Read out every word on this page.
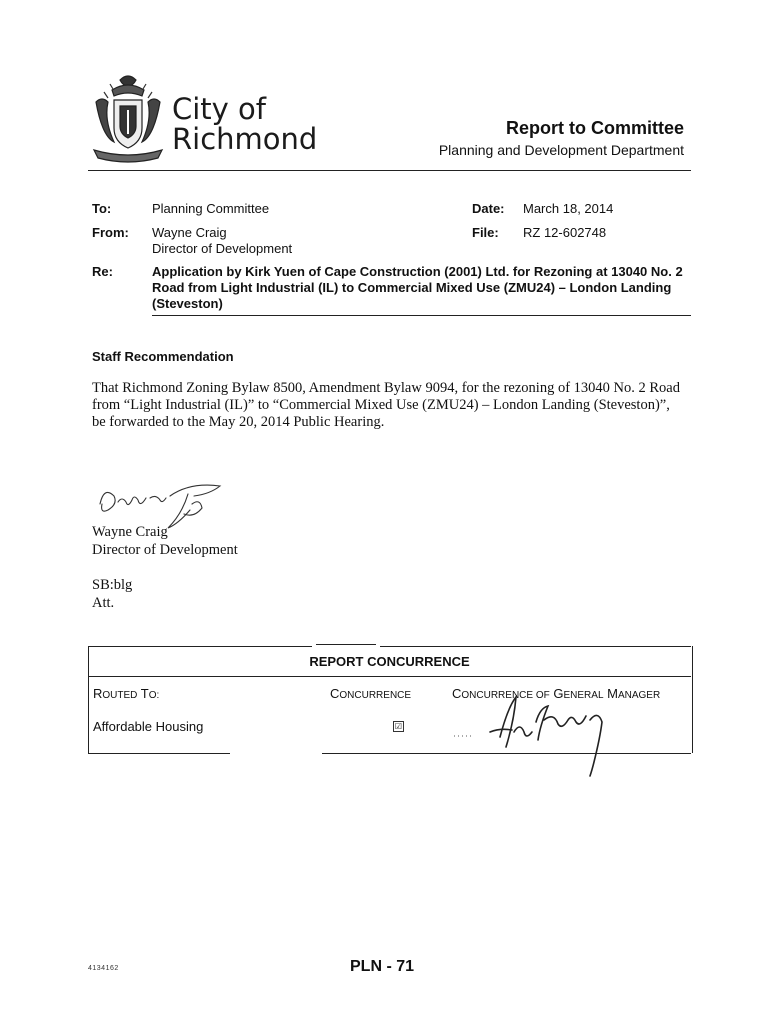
City of
Richmond	Report to Committee
Planning and Development Department
To:	Planning Committee	Date: March 18, 2014
From: Wayne Craig
Director of Development
File: RZ 12-602748
Re:	Application by Kirk Yuen of Cape Construction (2001) Ltd. for Rezoning at 13040 No. 2 Road from Light Industrial (IL) to Commercial Mixed Use (ZMU24) – London Landing (Steveston)
Staff Recommendation
That Richmond Zoning Bylaw 8500, Amendment Bylaw 9094, for the rezoning of 13040 No. 2 Road from “Light Industrial (IL)” to “Commercial Mixed Use (ZMU24) – London Landing (Steveston)”, be forwarded to the May 20, 2014 Public Hearing.
Wayne Craig
Director of Development
SB:blg
Att.
REPORT CONCURRENCE
ROUTED TO:	CONCURRENCE	CONCURRENCE OF GENERAL MANAGER
Affordable Housing	☑
4134162	PLN - 71
